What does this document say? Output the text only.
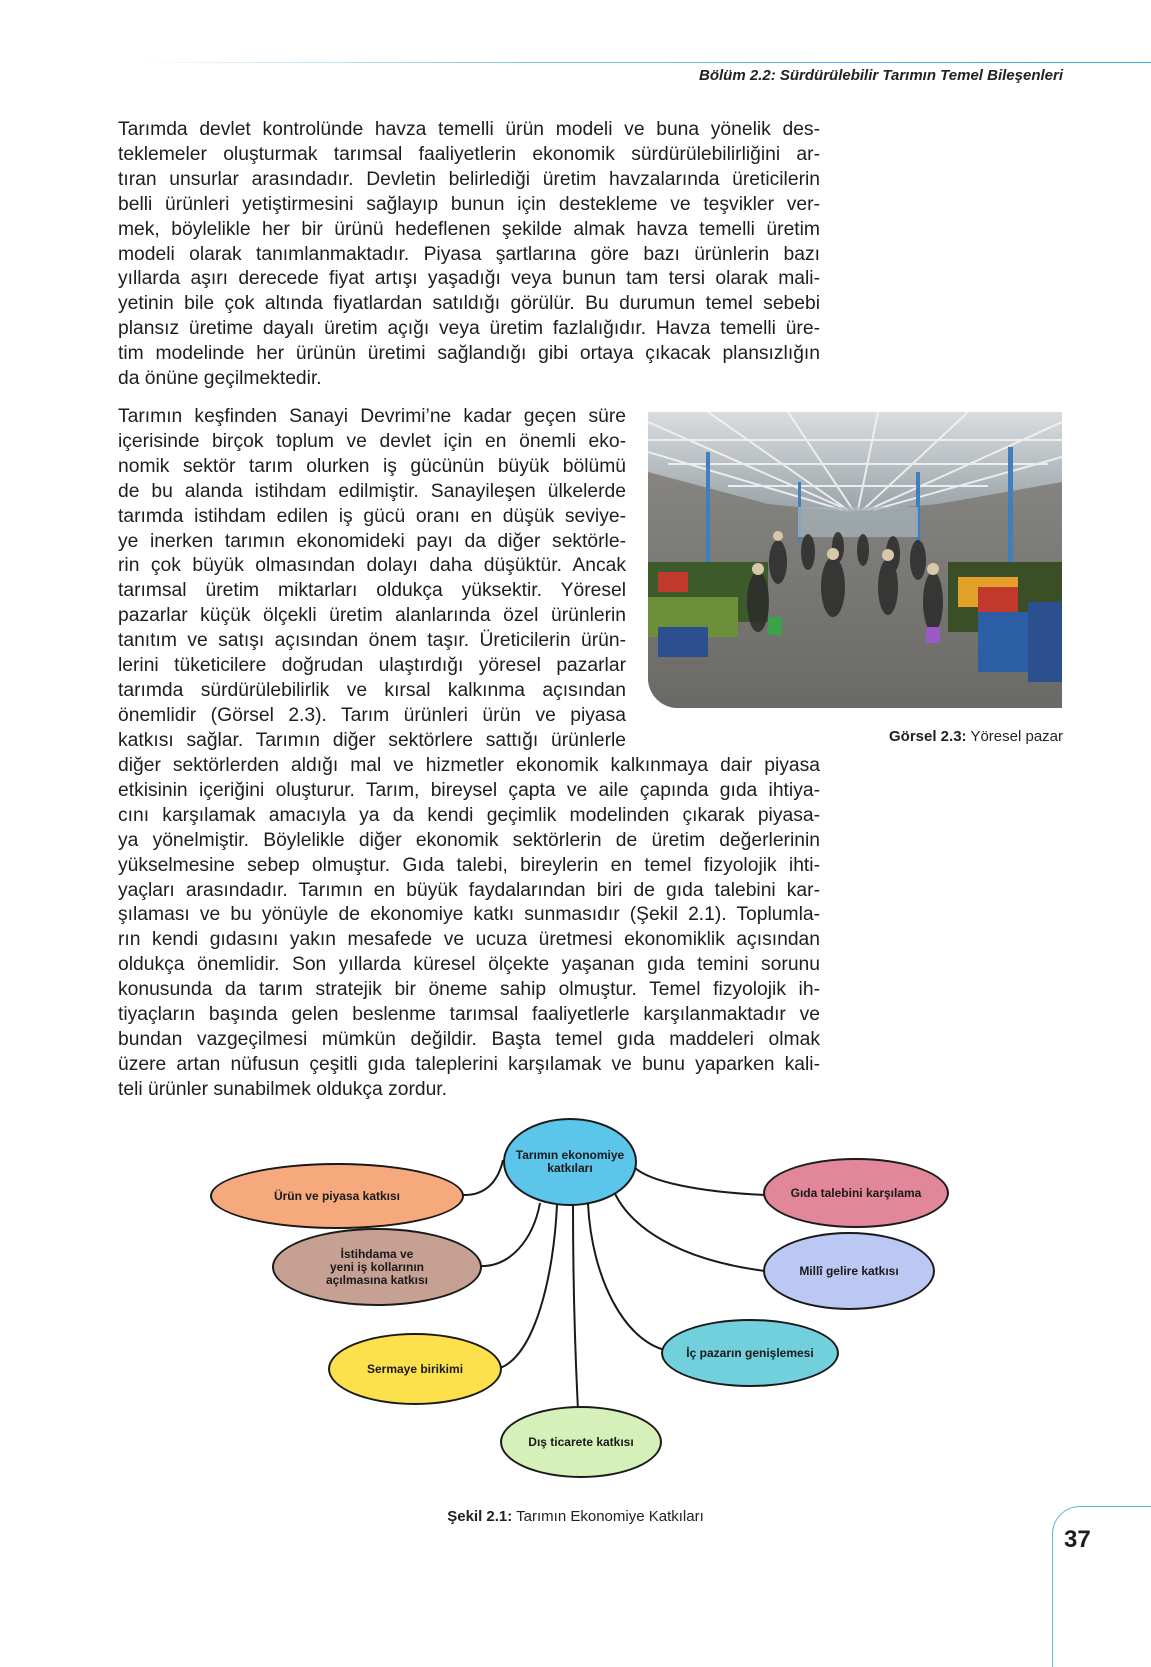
Bölüm 2.2: Sürdürülebilir Tarımın Temel Bileşenleri
Tarımda devlet kontrolünde havza temelli ürün modeli ve buna yönelik des-
teklemeler oluşturmak tarımsal faaliyetlerin ekonomik sürdürülebilirliğini ar-
tıran unsurlar arasındadır. Devletin belirlediği üretim havzalarında üreticilerin
belli ürünleri yetiştirmesini sağlayıp bunun için destekleme ve teşvikler ver-
mek, böylelikle her bir ürünü hedeflenen şekilde almak havza temelli üretim
modeli olarak tanımlanmaktadır. Piyasa şartlarına göre bazı ürünlerin bazı
yıllarda aşırı derecede fiyat artışı yaşadığı veya bunun tam tersi olarak mali-
yetinin bile çok altında fiyatlardan satıldığı görülür. Bu durumun temel sebebi
plansız üretime dayalı üretim açığı veya üretim fazlalığıdır. Havza temelli üre-
tim modelinde her ürünün üretimi sağlandığı gibi ortaya çıkacak plansızlığın
da önüne geçilmektedir.
Tarımın keşfinden Sanayi Devrimi’ne kadar geçen süre
içerisinde birçok toplum ve devlet için en önemli eko-
nomik sektör tarım olurken iş gücünün büyük bölümü
de bu alanda istihdam edilmiştir. Sanayileşen ülkelerde
tarımda istihdam edilen iş gücü oranı en düşük seviye-
ye inerken tarımın ekonomideki payı da diğer sektörle-
rin çok büyük olmasından dolayı daha düşüktür. Ancak
tarımsal üretim miktarları oldukça yüksektir. Yöresel
pazarlar küçük ölçekli üretim alanlarında özel ürünlerin
tanıtım ve satışı açısından önem taşır. Üreticilerin ürün-
lerini tüketicilere doğrudan ulaştırdığı yöresel pazarlar
tarımda sürdürülebilirlik ve kırsal kalkınma açısından
önemlidir (Görsel 2.3). Tarım ürünleri ürün ve piyasa
katkısı sağlar. Tarımın diğer sektörlere sattığı ürünlerle
diğer sektörlerden aldığı mal ve hizmetler ekonomik kalkınmaya dair piyasa
etkisinin içeriğini oluşturur. Tarım, bireysel çapta ve aile çapında gıda ihtiya-
cını karşılamak amacıyla ya da kendi geçimlik modelinden çıkarak piyasa-
ya yönelmiştir. Böylelikle diğer ekonomik sektörlerin de üretim değerlerinin
yükselmesine sebep olmuştur. Gıda talebi, bireylerin en temel fizyolojik ihti-
yaçları arasındadır. Tarımın en büyük faydalarından biri de gıda talebini kar-
şılaması ve bu yönüyle de ekonomiye katkı sunmasıdır (Şekil 2.1). Toplumla-
rın kendi gıdasını yakın mesafede ve ucuza üretmesi ekonomiklik açısından
oldukça önemlidir. Son yıllarda küresel ölçekte yaşanan gıda temini sorunu
konusunda da tarım stratejik bir öneme sahip olmuştur. Temel fizyolojik ih-
tiyaçların başında gelen beslenme tarımsal faaliyetlerle karşılanmaktadır ve
bundan vazgeçilmesi mümkün değildir. Başta temel gıda maddeleri olmak
üzere artan nüfusun çeşitli gıda taleplerini karşılamak ve bunu yaparken kali-
teli ürünler sunabilmek oldukça zordur.
Görsel 2.3: Yöresel pazar
Tarımın ekonomiye
katkıları
Ürün ve piyasa katkısı
İstihdama ve
yeni iş kollarının
açılmasına katkısı
Sermaye birikimi
Dış ticarete katkısı
İç pazarın genişlemesi
Millî gelire katkısı
Gıda talebini karşılama
Şekil 2.1: Tarımın Ekonomiye Katkıları
37
